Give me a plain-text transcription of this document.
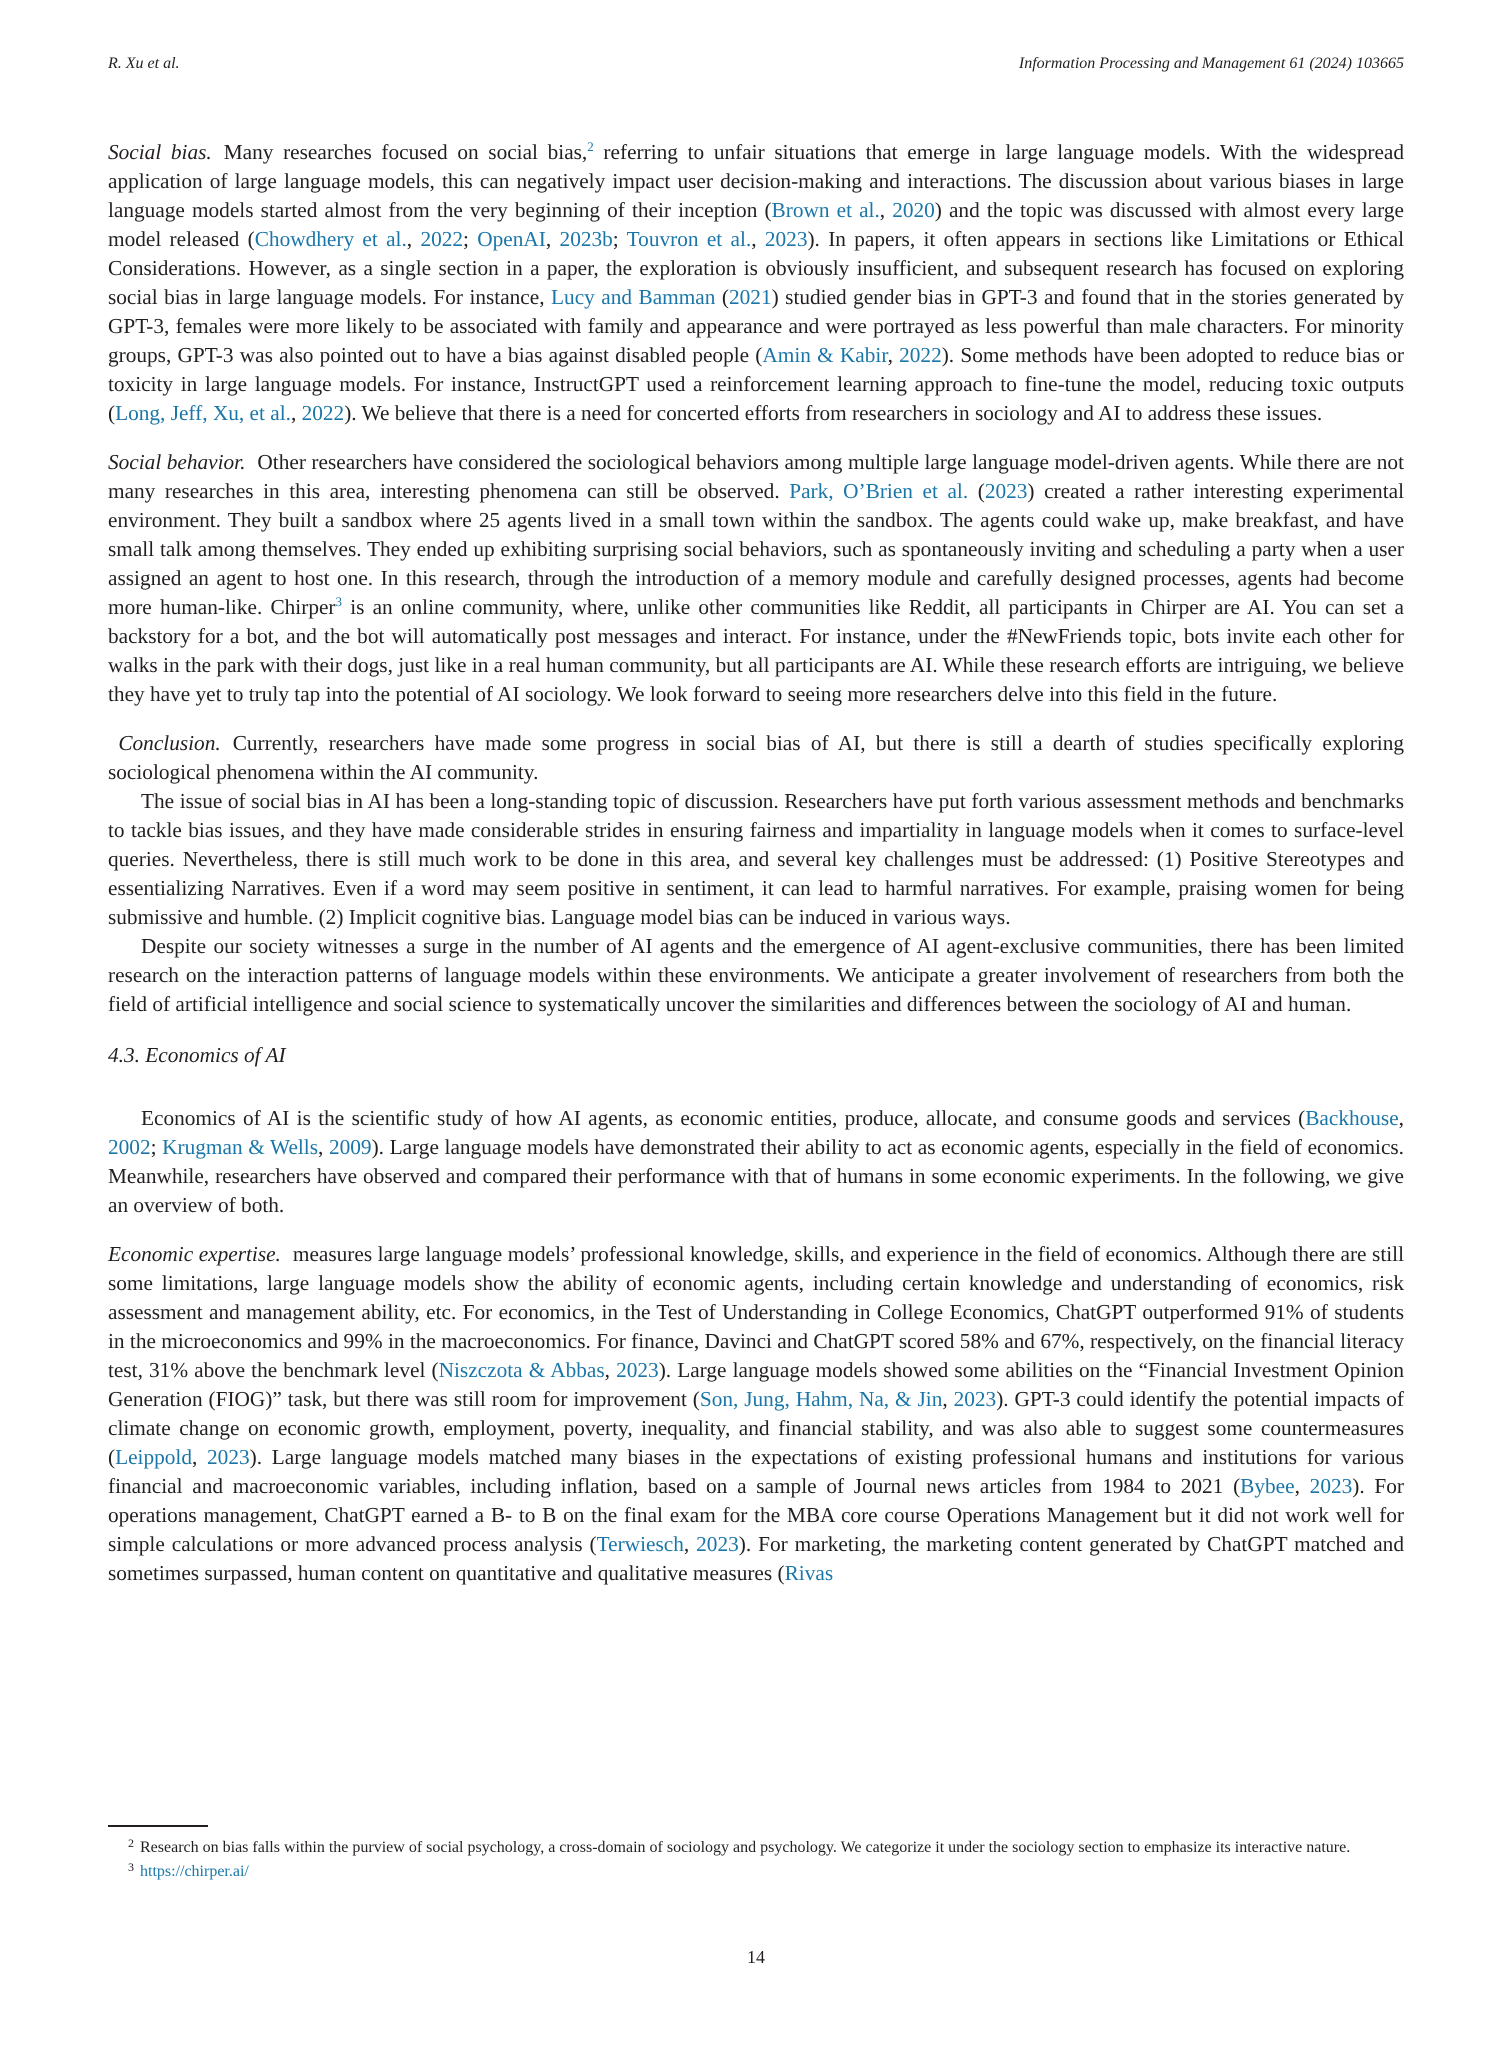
R. Xu et al.	Information Processing and Management 61 (2024) 103665

Social bias. Many researches focused on social bias,$^2$ referring to unfair situations that emerge in large language models. With the widespread application of large language models, this can negatively impact user decision-making and interactions. The discussion about various biases in large language models started almost from the very beginning of their inception (Brown et al., 2020) and the topic was discussed with almost every large model released (Chowdhery et al., 2022; OpenAI, 2023b; Touvron et al., 2023). In papers, it often appears in sections like Limitations or Ethical Considerations. However, as a single section in a paper, the exploration is obviously insufficient, and subsequent research has focused on exploring social bias in large language models. For instance, Lucy and Bamman (2021) studied gender bias in GPT-3 and found that in the stories generated by GPT-3, females were more likely to be associated with family and appearance and were portrayed as less powerful than male characters. For minority groups, GPT-3 was also pointed out to have a bias against disabled people (Amin & Kabir, 2022). Some methods have been adopted to reduce bias or toxicity in large language models. For instance, InstructGPT used a reinforcement learning approach to fine-tune the model, reducing toxic outputs (Long, Jeff, Xu, et al., 2022). We believe that there is a need for concerted efforts from researchers in sociology and AI to address these issues.

Social behavior. Other researchers have considered the sociological behaviors among multiple large language model-driven agents. While there are not many researches in this area, interesting phenomena can still be observed. Park, O’Brien et al. (2023) created a rather interesting experimental environment. They built a sandbox where 25 agents lived in a small town within the sandbox. The agents could wake up, make breakfast, and have small talk among themselves. They ended up exhibiting surprising social behaviors, such as spontaneously inviting and scheduling a party when a user assigned an agent to host one. In this research, through the introduction of a memory module and carefully designed processes, agents had become more human-like. Chirper$^3$ is an online community, where, unlike other communities like Reddit, all participants in Chirper are AI. You can set a backstory for a bot, and the bot will automatically post messages and interact. For instance, under the #NewFriends topic, bots invite each other for walks in the park with their dogs, just like in a real human community, but all participants are AI. While these research efforts are intriguing, we believe they have yet to truly tap into the potential of AI sociology. We look forward to seeing more researchers delve into this field in the future.

Conclusion. Currently, researchers have made some progress in social bias of AI, but there is still a dearth of studies specifically exploring sociological phenomena within the AI community.

The issue of social bias in AI has been a long-standing topic of discussion. Researchers have put forth various assessment methods and benchmarks to tackle bias issues, and they have made considerable strides in ensuring fairness and impartiality in language models when it comes to surface-level queries. Nevertheless, there is still much work to be done in this area, and several key challenges must be addressed: (1) Positive Stereotypes and essentializing Narratives. Even if a word may seem positive in sentiment, it can lead to harmful narratives. For example, praising women for being submissive and humble. (2) Implicit cognitive bias. Language model bias can be induced in various ways.

Despite our society witnesses a surge in the number of AI agents and the emergence of AI agent-exclusive communities, there has been limited research on the interaction patterns of language models within these environments. We anticipate a greater involvement of researchers from both the field of artificial intelligence and social science to systematically uncover the similarities and differences between the sociology of AI and human.

4.3. Economics of AI

Economics of AI is the scientific study of how AI agents, as economic entities, produce, allocate, and consume goods and services (Backhouse, 2002; Krugman & Wells, 2009). Large language models have demonstrated their ability to act as economic agents, especially in the field of economics. Meanwhile, researchers have observed and compared their performance with that of humans in some economic experiments. In the following, we give an overview of both.

Economic expertise. measures large language models’ professional knowledge, skills, and experience in the field of economics. Although there are still some limitations, large language models show the ability of economic agents, including certain knowledge and understanding of economics, risk assessment and management ability, etc. For economics, in the Test of Understanding in College Economics, ChatGPT outperformed 91% of students in the microeconomics and 99% in the macroeconomics. For finance, Davinci and ChatGPT scored 58% and 67%, respectively, on the financial literacy test, 31% above the benchmark level (Niszczota & Abbas, 2023). Large language models showed some abilities on the “Financial Investment Opinion Generation (FIOG)” task, but there was still room for improvement (Son, Jung, Hahm, Na, & Jin, 2023). GPT-3 could identify the potential impacts of climate change on economic growth, employment, poverty, inequality, and financial stability, and was also able to suggest some countermeasures (Leippold, 2023). Large language models matched many biases in the expectations of existing professional humans and institutions for various financial and macroeconomic variables, including inflation, based on a sample of Journal news articles from 1984 to 2021 (Bybee, 2023). For operations management, ChatGPT earned a B- to B on the final exam for the MBA core course Operations Management but it did not work well for simple calculations or more advanced process analysis (Terwiesch, 2023). For marketing, the marketing content generated by ChatGPT matched and sometimes surpassed, human content on quantitative and qualitative measures (Rivas

$^2$ Research on bias falls within the purview of social psychology, a cross-domain of sociology and psychology. We categorize it under the sociology section to emphasize its interactive nature.

$^3$ https://chirper.ai/

14
